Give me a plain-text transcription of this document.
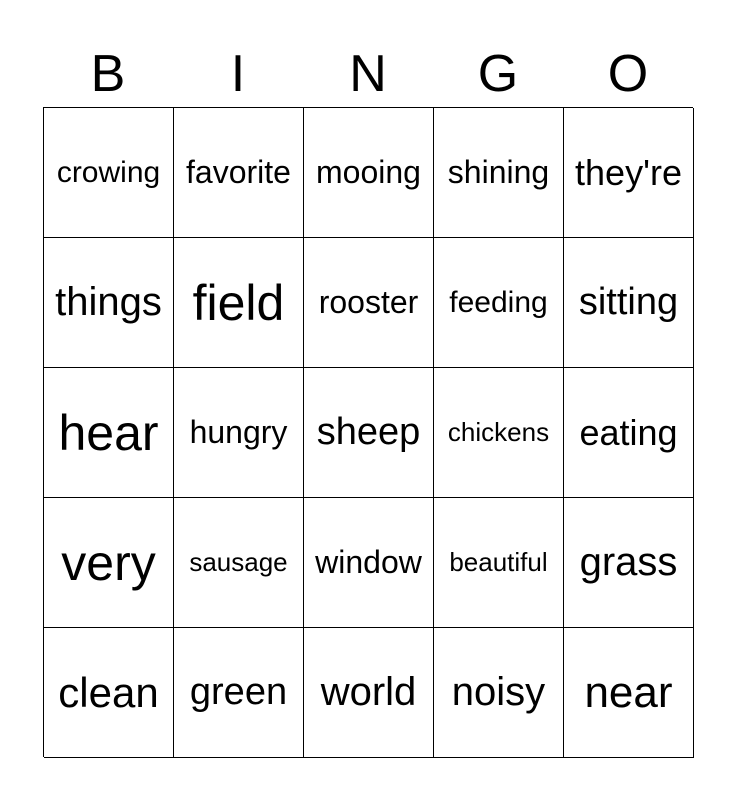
B	I	N	G	O
crowing favorite mooing shining they're
things field	rooster	feeding sitting
hear hungry sheep	chickens eating
very	sausage window	beautiful grass
clean green world noisy near
